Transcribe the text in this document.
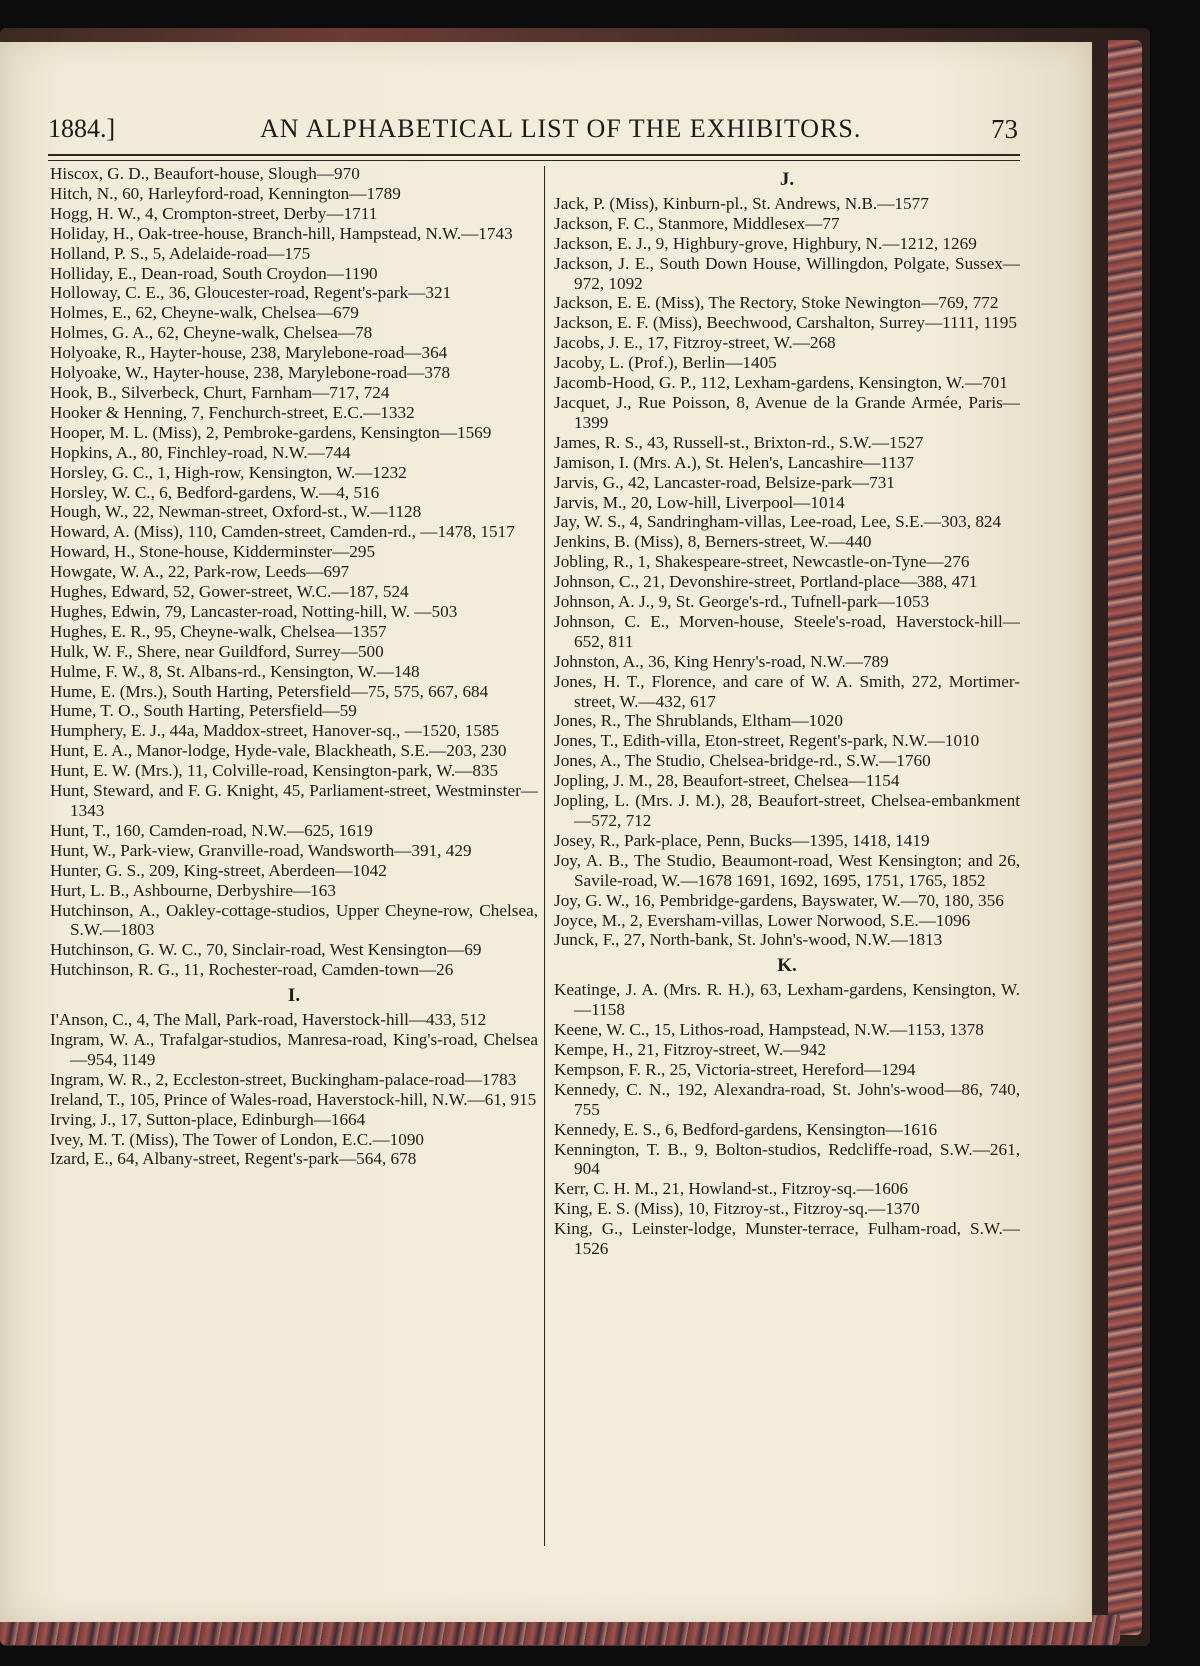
1884.]	AN ALPHABETICAL LIST OF THE EXHIBITORS.	73
Hiscox, G. D., Beaufort-house, Slough—970
Hitch, N., 60, Harleyford-road, Kennington—1789
Hogg, H. W., 4, Crompton-street, Derby—1711
Holiday, H., Oak-tree-house, Branch-hill, Hampstead, N.W.—1743
Holland, P. S., 5, Adelaide-road—175
Holliday, E., Dean-road, South Croydon—1190
Holloway, C. E., 36, Gloucester-road, Regent's-park—321
Holmes, E., 62, Cheyne-walk, Chelsea—679
Holmes, G. A., 62, Cheyne-walk, Chelsea—78
Holyoake, R., Hayter-house, 238, Marylebone-road—364
Holyoake, W., Hayter-house, 238, Marylebone-road—378
Hook, B., Silverbeck, Churt, Farnham—717, 724
Hooker & Henning, 7, Fenchurch-street, E.C.—1332
Hooper, M. L. (Miss), 2, Pembroke-gardens, Kensington—1569
Hopkins, A., 80, Finchley-road, N.W.—744
Horsley, G. C., 1, High-row, Kensington, W.—1232
Horsley, W. C., 6, Bedford-gardens, W.—4, 516
Hough, W., 22, Newman-street, Oxford-st., W.—1128
Howard, A. (Miss), 110, Camden-street, Camden-rd., —1478, 1517
Howard, H., Stone-house, Kidderminster—295
Howgate, W. A., 22, Park-row, Leeds—697
Hughes, Edward, 52, Gower-street, W.C.—187, 524
Hughes, Edwin, 79, Lancaster-road, Notting-hill, W. —503
Hughes, E. R., 95, Cheyne-walk, Chelsea—1357
Hulk, W. F., Shere, near Guildford, Surrey—500
Hulme, F. W., 8, St. Albans-rd., Kensington, W.—148
Hume, E. (Mrs.), South Harting, Petersfield—75, 575, 667, 684
Hume, T. O., South Harting, Petersfield—59
Humphery, E. J., 44a, Maddox-street, Hanover-sq., —1520, 1585
Hunt, E. A., Manor-lodge, Hyde-vale, Blackheath, S.E.—203, 230
Hunt, E. W. (Mrs.), 11, Colville-road, Kensington-park, W.—835
Hunt, Steward, and F. G. Knight, 45, Parliament-street, Westminster—1343
Hunt, T., 160, Camden-road, N.W.—625, 1619
Hunt, W., Park-view, Granville-road, Wandsworth—391, 429
Hunter, G. S., 209, King-street, Aberdeen—1042
Hurt, L. B., Ashbourne, Derbyshire—163
Hutchinson, A., Oakley-cottage-studios, Upper Cheyne-row, Chelsea, S.W.—1803
Hutchinson, G. W. C., 70, Sinclair-road, West Kensington—69
Hutchinson, R. G., 11, Rochester-road, Camden-town—26
I.
I'Anson, C., 4, The Mall, Park-road, Haverstock-hill—433, 512
Ingram, W. A., Trafalgar-studios, Manresa-road, King's-road, Chelsea—954, 1149
Ingram, W. R., 2, Eccleston-street, Buckingham-palace-road—1783
Ireland, T., 105, Prince of Wales-road, Haverstock-hill, N.W.—61, 915
Irving, J., 17, Sutton-place, Edinburgh—1664
Ivey, M. T. (Miss), The Tower of London, E.C.—1090
Izard, E., 64, Albany-street, Regent's-park—564, 678
J.
Jack, P. (Miss), Kinburn-pl., St. Andrews, N.B.—1577
Jackson, F. C., Stanmore, Middlesex—77
Jackson, E. J., 9, Highbury-grove, Highbury, N.—1212, 1269
Jackson, J. E., South Down House, Willingdon, Polgate, Sussex—972, 1092
Jackson, E. E. (Miss), The Rectory, Stoke Newington—769, 772
Jackson, E. F. (Miss), Beechwood, Carshalton, Surrey—1111, 1195
Jacobs, J. E., 17, Fitzroy-street, W.—268
Jacoby, L. (Prof.), Berlin—1405
Jacomb-Hood, G. P., 112, Lexham-gardens, Kensington, W.—701
Jacquet, J., Rue Poisson, 8, Avenue de la Grande Armée, Paris—1399
James, R. S., 43, Russell-st., Brixton-rd., S.W.—1527
Jamison, I. (Mrs. A.), St. Helen's, Lancashire—1137
Jarvis, G., 42, Lancaster-road, Belsize-park—731
Jarvis, M., 20, Low-hill, Liverpool—1014
Jay, W. S., 4, Sandringham-villas, Lee-road, Lee, S.E.—303, 824
Jenkins, B. (Miss), 8, Berners-street, W.—440
Jobling, R., 1, Shakespeare-street, Newcastle-on-Tyne—276
Johnson, C., 21, Devonshire-street, Portland-place—388, 471
Johnson, A. J., 9, St. George's-rd., Tufnell-park—1053
Johnson, C. E., Morven-house, Steele's-road, Haverstock-hill—652, 811
Johnston, A., 36, King Henry's-road, N.W.—789
Jones, H. T., Florence, and care of W. A. Smith, 272, Mortimer-street, W.—432, 617
Jones, R., The Shrublands, Eltham—1020
Jones, T., Edith-villa, Eton-street, Regent's-park, N.W.—1010
Jones, A., The Studio, Chelsea-bridge-rd., S.W.—1760
Jopling, J. M., 28, Beaufort-street, Chelsea—1154
Jopling, L. (Mrs. J. M.), 28, Beaufort-street, Chelsea-embankment—572, 712
Josey, R., Park-place, Penn, Bucks—1395, 1418, 1419
Joy, A. B., The Studio, Beaumont-road, West Kensington; and 26, Savile-road, W.—1678 1691, 1692, 1695, 1751, 1765, 1852
Joy, G. W., 16, Pembridge-gardens, Bayswater, W.—70, 180, 356
Joyce, M., 2, Eversham-villas, Lower Norwood, S.E.—1096
Junck, F., 27, North-bank, St. John's-wood, N.W.—1813
K.
Keatinge, J. A. (Mrs. R. H.), 63, Lexham-gardens, Kensington, W.—1158
Keene, W. C., 15, Lithos-road, Hampstead, N.W.—1153, 1378
Kempe, H., 21, Fitzroy-street, W.—942
Kempson, F. R., 25, Victoria-street, Hereford—1294
Kennedy, C. N., 192, Alexandra-road, St. John's-wood—86, 740, 755
Kennedy, E. S., 6, Bedford-gardens, Kensington—1616
Kennington, T. B., 9, Bolton-studios, Redcliffe-road, S.W.—261, 904
Kerr, C. H. M., 21, Howland-st., Fitzroy-sq.—1606
King, E. S. (Miss), 10, Fitzroy-st., Fitzroy-sq.—1370
King, G., Leinster-lodge, Munster-terrace, Fulham-road, S.W.—1526
